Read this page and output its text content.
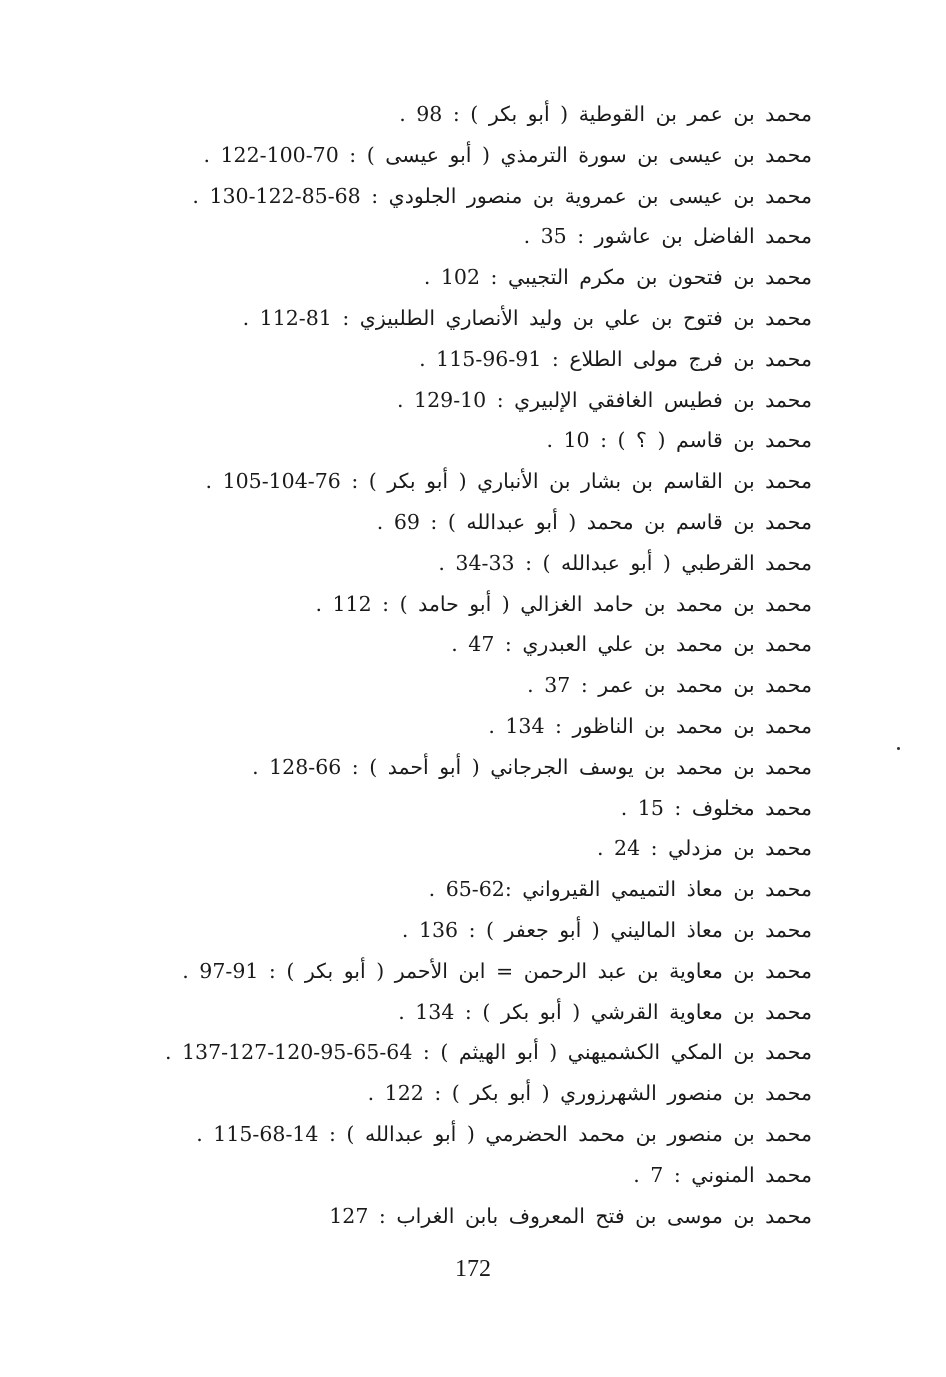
محمد بن عمر بن القوطية ( أبو بكر ) : 98 .
محمد بن عيسى بن سورة الترمذي ( أبو عيسى ) : 70-100-122 .
محمد بن عيسى بن عمروية بن منصور الجلودي : 68-85-122-130 .
محمد الفاضل بن عاشور : 35 .
محمد بن فتحون بن مكرم التجيبي : 102 .
محمد بن فتوح بن علي بن وليد الأنصاري الطلبيزي : 81-112 .
محمد بن فرج مولى الطلاع : 91-96-115 .
محمد بن فطيس الغافقي الإلبيري : 10-129 .
محمد بن قاسم ( ؟ ) : 10 .
محمد بن القاسم بن بشار بن الأنباري ( أبو بكر ) : 76-104-105 .
محمد بن قاسم بن محمد ( أبو عبدالله ) : 69 .
محمد القرطبي ( أبو عبدالله ) : 33-34 .
محمد بن محمد بن حامد الغزالي ( أبو حامد ) : 112 .
محمد بن محمد بن علي العبدري : 47 .
محمد بن محمد بن عمر : 37 .
محمد بن محمد بن الناظور : 134 .
محمد بن محمد بن يوسف الجرجاني ( أبو أحمد ) : 66-128 .
محمد مخلوف : 15 .
محمد بن مزدلي : 24 .
محمد بن معاذ التميمي القيرواني :62-65 .
محمد بن معاذ الماليني ( أبو جعفر ) : 136 .
محمد بن معاوية بن عبد الرحمن = ابن الأحمر ( أبو بكر ) : 91-97 .
محمد بن معاوية القرشي ( أبو بكر ) : 134 .
محمد بن المكي الكشميهني ( أبو الهيثم ) : 64-65-95-120-127-137 .
محمد بن منصور الشهرزوري ( أبو بكر ) : 122 .
محمد بن منصور بن محمد الحضرمي ( أبو عبدالله ) : 14-68-115 .
محمد المنوني : 7 .
محمد بن موسى بن فتح المعروف بابن الغراب : 127
172
